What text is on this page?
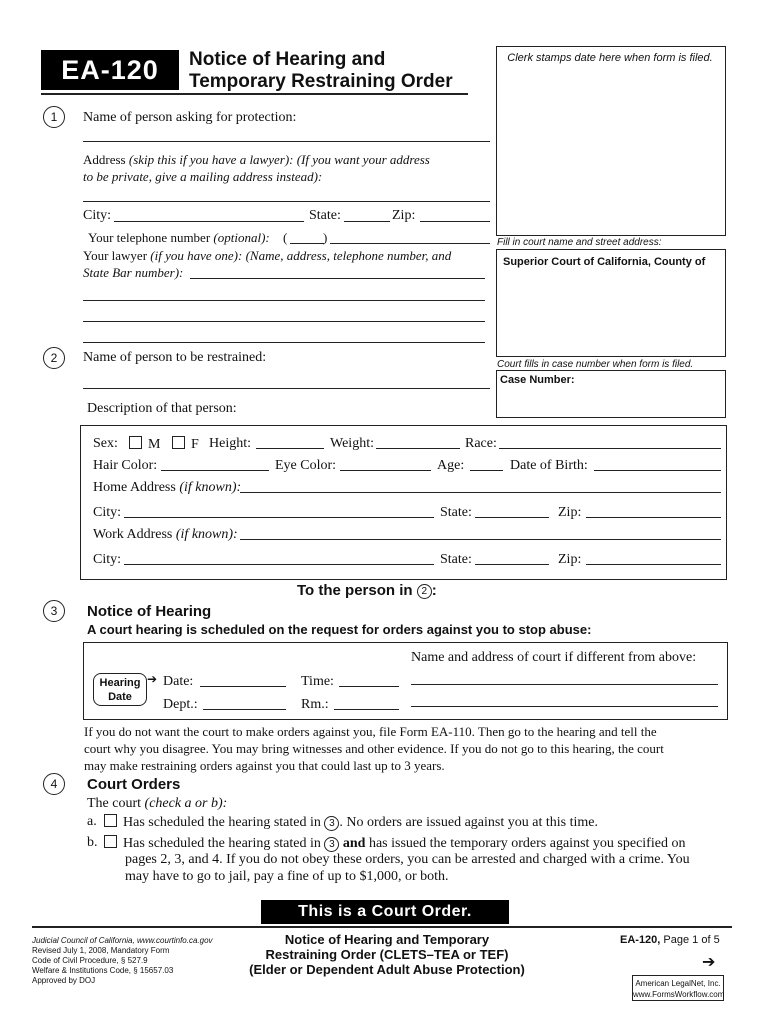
EA-120	Notice of Hearing and
Temporary Restraining Order
Clerk stamps date here when form is filed.
Fill in court name and street address:
Superior Court of California, County of
Court fills in case number when form is filed.
Case Number:
1	Name of person asking for protection:
Address (skip this if you have a lawyer): (If you want your address
to be private, give a mailing address instead):
City:	State:	Zip:
Your telephone number (optional): (	)
Your lawyer (if you have one): (Name, address, telephone number, and
State Bar number):
2	Name of person to be restrained:
Description of that person:
Sex:	M	F Height:	Weight:	Race:
Hair Color:	Eye Color:	Age:	Date of Birth:
Home Address (if known):
City:	State:	Zip:
Work Address (if known):
City:	State:	Zip:
To the person in 2 :
3	Notice of Hearing
A court hearing is scheduled on the request for orders against you to stop abuse:
Name and address of court if different from above:
Hearing
Date
➔ Date:	Time:
Dept.:	Rm.:
If you do not want the court to make orders against you, file Form EA-110. Then go to the hearing and tell the
court why you disagree. You may bring witnesses and other evidence. If you do not go to this hearing, the court
may make restraining orders against you that could last up to 3 years.
4	Court Orders
The court (check a or b):
a.	Has scheduled the hearing stated in 3 . No orders are issued against you at this time.
b.	Has scheduled the hearing stated in 3 and has issued the temporary orders against you specified on
pages 2, 3, and 4. If you do not obey these orders, you can be arrested and charged with a crime. You
may have to go to jail, pay a fine of up to $1,000, or both.
This is a Court Order.
Judicial Council of California, www.courtinfo.ca.gov
Revised July 1, 2008, Mandatory Form
Code of Civil Procedure, § 527.9
Welfare & Institutions Code, § 15657.03
Approved by DOJ
Notice of Hearing and Temporary
Restraining Order (CLETS–TEA or TEF)
(Elder or Dependent Adult Abuse Protection)
EA-120, Page 1 of 5
➔
American LegalNet, Inc.
www.FormsWorkflow.com
